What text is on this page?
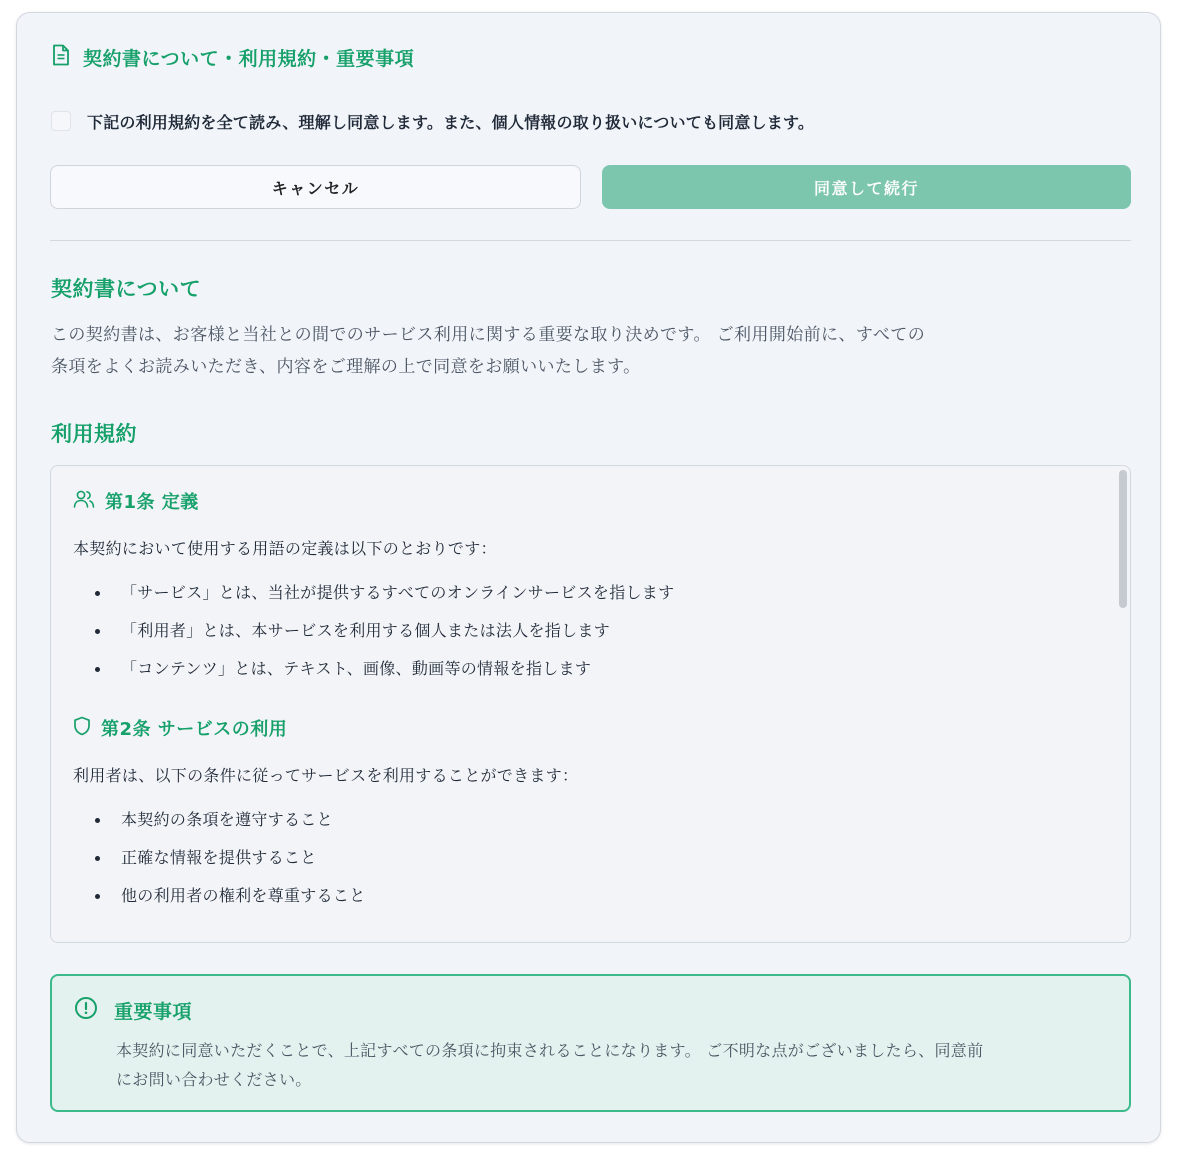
契約書について・利用規約・重要事項
下記の利用規約を全て読み、理解し同意します。また、個人情報の取り扱いについても同意します。
キャンセル	同意して続行
契約書について
この契約書は、お客様と当社との間でのサービス利用に関する重要な取り決めです。 ご利用開始前に、すべての
条項をよくお読みいただき、内容をご理解の上で同意をお願いいたします。
利用規約
第1条 定義
本契約において使用する用語の定義は以下のとおりです：
「サービス」とは、当社が提供するすべてのオンラインサービスを指します
「利用者」とは、本サービスを利用する個人または法人を指します
「コンテンツ」とは、テキスト、画像、動画等の情報を指します
第2条 サービスの利用
利用者は、以下の条件に従ってサービスを利用することができます：
本契約の条項を遵守すること
正確な情報を提供すること
他の利用者の権利を尊重すること
重要事項
本契約に同意いただくことで、上記すべての条項に拘束されることになります。 ご不明な点がございましたら、同意前
にお問い合わせください。
